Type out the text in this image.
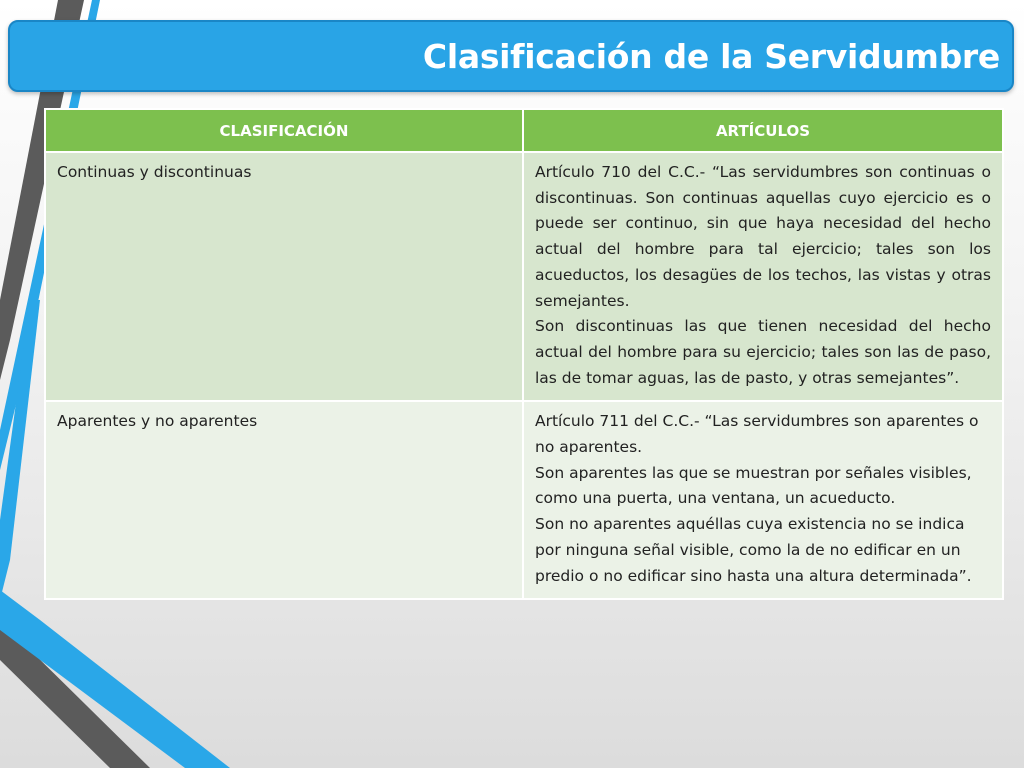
Clasificación de la Servidumbre
CLASIFICACIÓN	ARTÍCULOS
Continuas y discontinuas	Artículo 710 del C.C.- “Las servidumbres son continuas o discontinuas. Son continuas aquellas cuyo ejercicio es o puede ser continuo, sin que haya necesidad del hecho actual del hombre para tal ejercicio; tales son los acueductos, los desagües de los techos, las vistas y otras semejantes.

Son discontinuas las que tienen necesidad del hecho actual del hombre para su ejercicio; tales son las de paso, las de tomar aguas, las de pasto, y otras semejantes”.

Aparentes y no aparentes	Artículo 711 del C.C.- “Las servidumbres son aparentes o no aparentes.

Son aparentes las que se muestran por señales visibles, como una puerta, una ventana, un acueducto.

Son no aparentes aquéllas cuya existencia no se indica por ninguna señal visible, como la de no edificar en un predio o no edificar sino hasta una altura determinada”.
